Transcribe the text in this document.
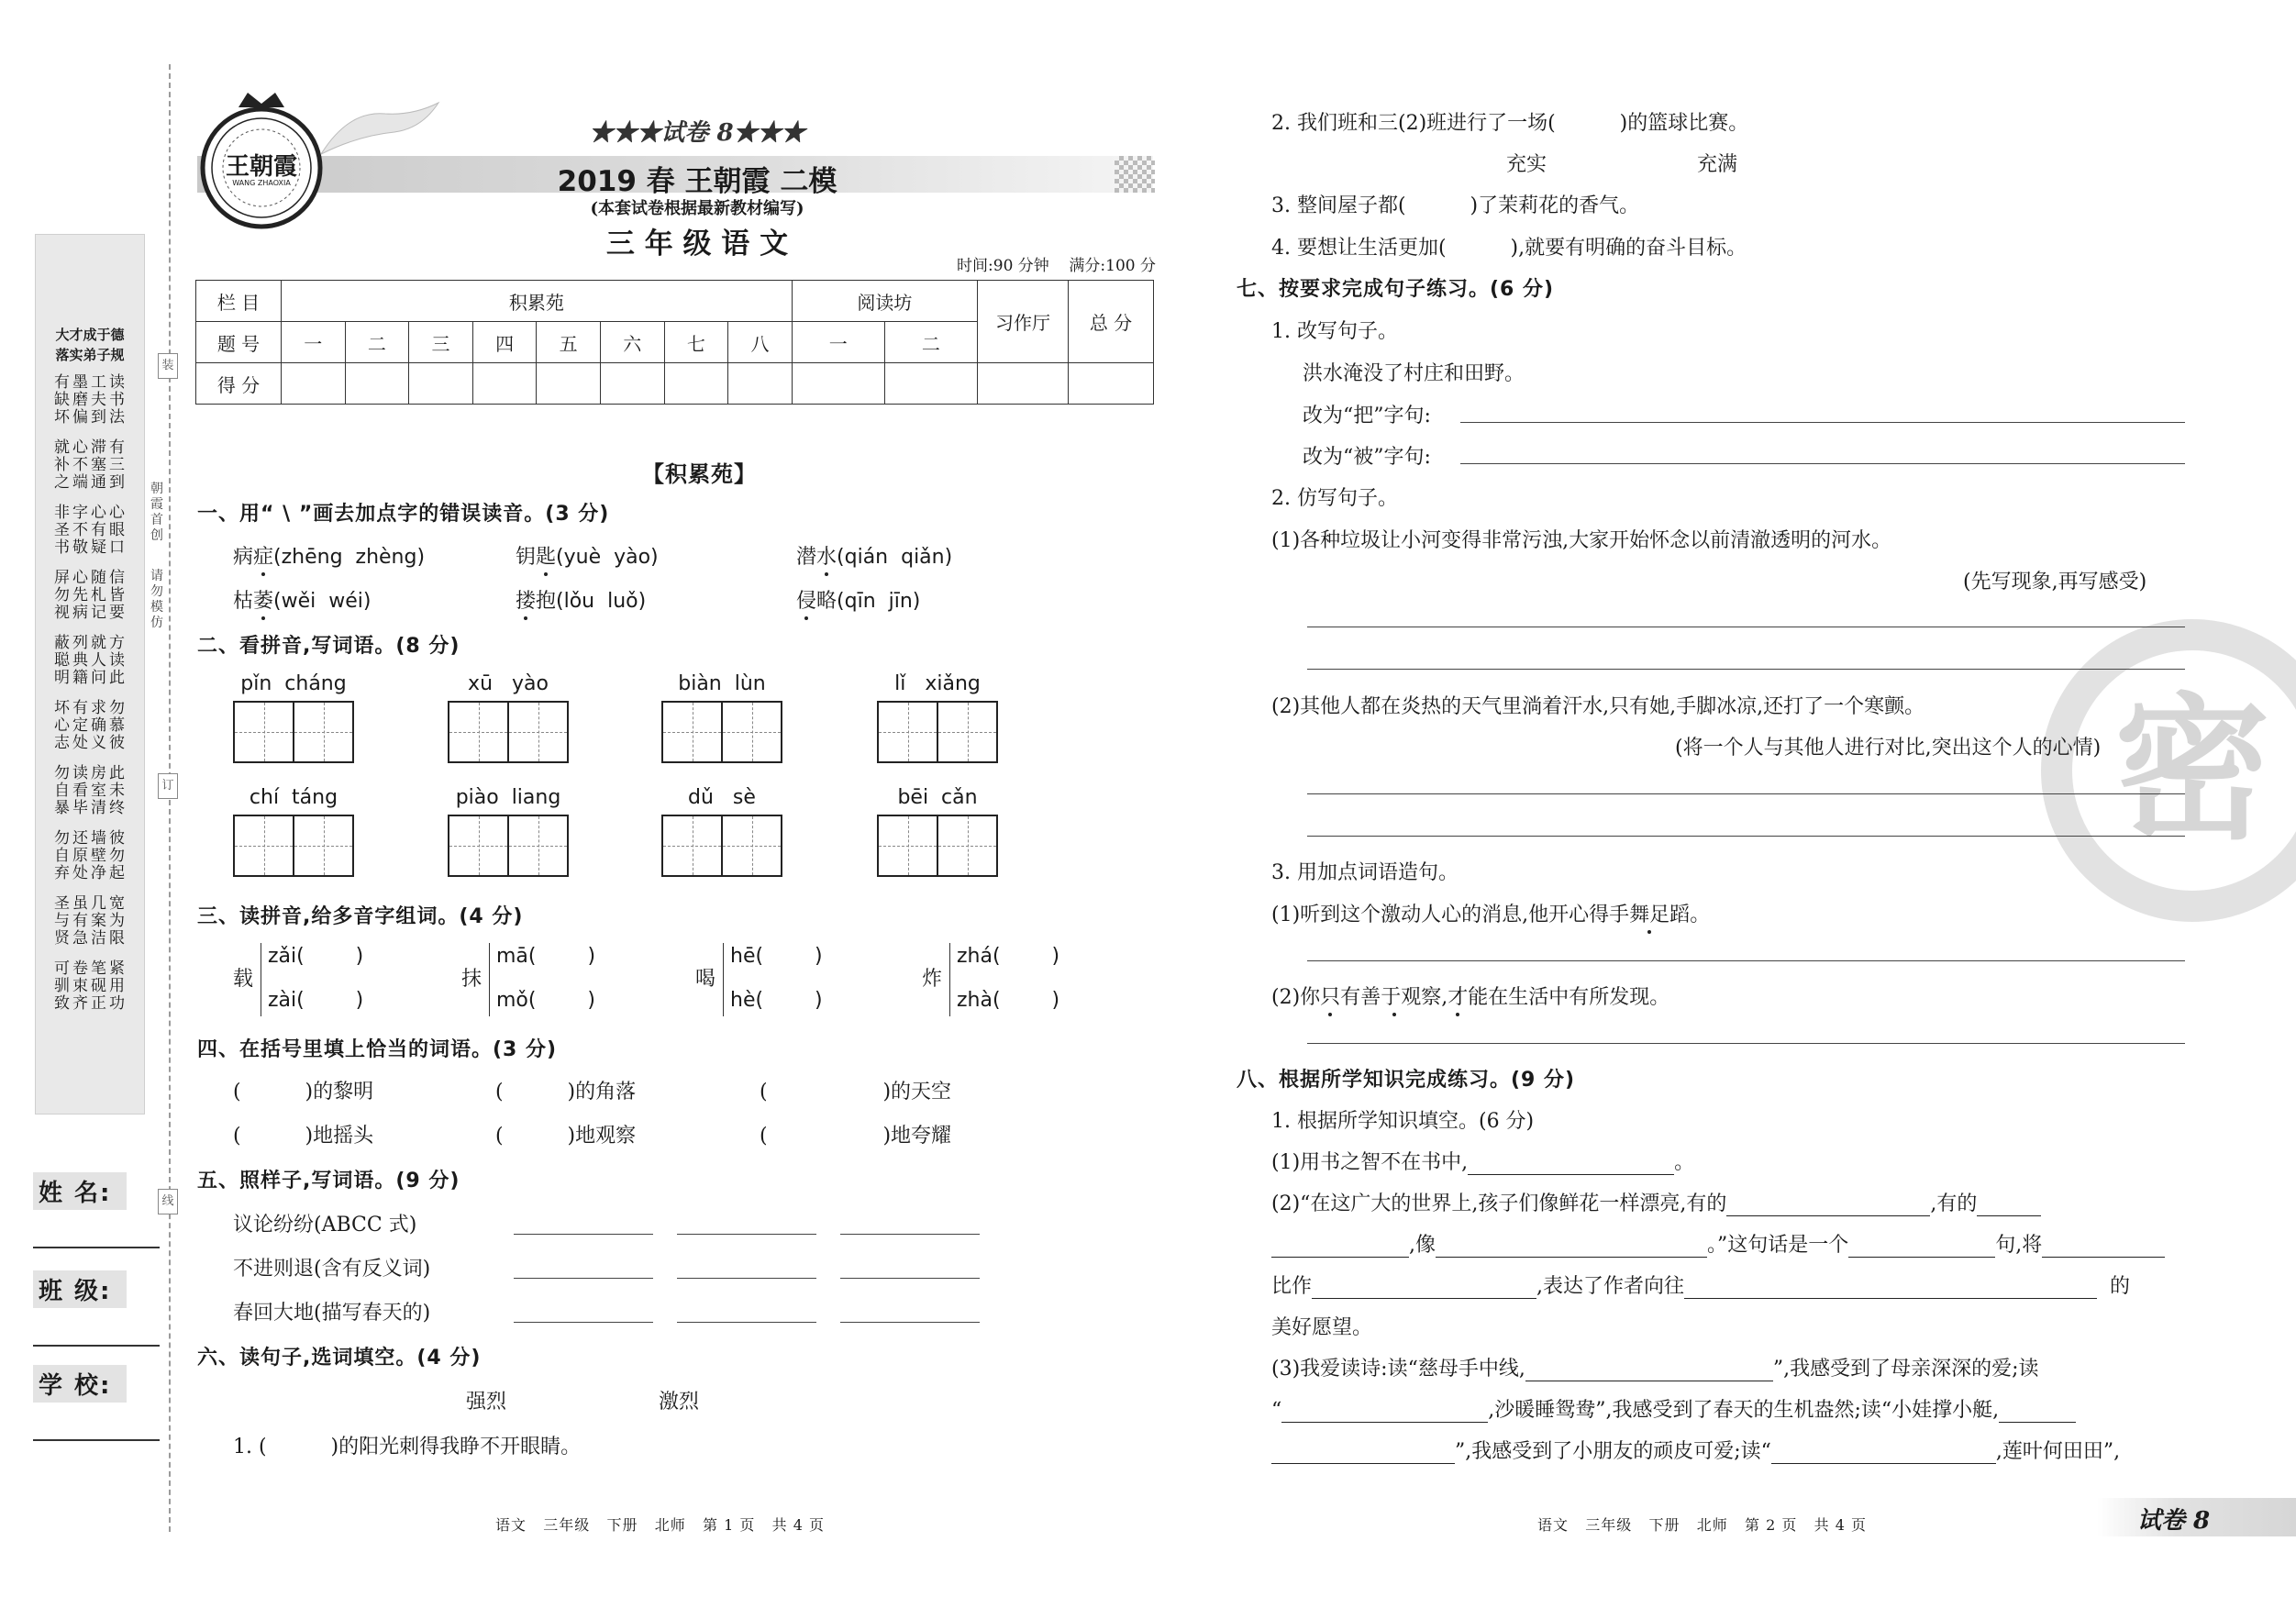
大才成于德
落实弟子规
有墨工读
缺磨夫书
坏偏到法
就心滞有
补不塞三
之端通到
非字心心
圣不有眼
书敬疑口
屏心随信
勿先札皆
视病记要
蔽列就方
聪典人读
明籍问此
坏有求勿
心定确慕
志处义彼
勿读房此
自看室未
暴毕清终
勿还墙彼
自原壁勿
弃处净起
圣虽几宽
与有案为
贤急洁限
可卷笔紧
驯束砚用
致齐正功
朝霞首创
请勿模仿
装
订
线
姓 名:
班 级:
学 校:
王朝霞
WANG ZHAOXIA
★★★试卷 8★★★
2019 春 王朝霞 二模
(本套试卷根据最新教材编写)
三 年 级 语 文
时间:90 分钟    满分:100 分
栏 目	积累苑								阅读坊		习作厅	总 分
题 号	一	二	三	四	五	六	七	八	一	二		
得 分												
【积累苑】
一、用“ \ ”画去加点字的错误读音。(3 分)
病症(zhēng  zhèng)	钥匙(yuè  yào)	潜水(qián  qiǎn)
枯萎(wěi  wéi)	搂抱(lǒu  luǒ)	侵略(qīn  jīn)
二、看拼音,写词语。(8 分)
pǐn  cháng	xū   yào	biàn  lùn	lǐ   xiǎng
chí  táng	piào  liang	dǔ   sè	bēi  cǎn
三、读拼音,给多音字组词。(4 分)
载
zǎi(        )
zài(        )
抹
mā(        )
mǒ(        )
喝
hē(        )
hè(        )
炸
zhá(        )
zhà(        )
四、在括号里填上恰当的词语。(3 分)
(          )的黎明	(          )的角落	(                  )的天空
(          )地摇头	(          )地观察	(                  )地夸耀
五、照样子,写词语。(9 分)
议论纷纷(ABCC 式)
不进则退(含有反义词)
春回大地(描写春天的)
六、读句子,选词填空。(4 分)
强烈	激烈
1. (          )的阳光刺得我睁不开眼睛。
语文   三年级   下册   北师   第 1 页   共 4 页
密
2. 我们班和三(2)班进行了一场(          )的篮球比赛。
充实	充满
3. 整间屋子都(          )了茉莉花的香气。
4. 要想让生活更加(          ),就要有明确的奋斗目标。
七、按要求完成句子练习。(6 分)
1. 改写句子。
洪水淹没了村庄和田野。
改为“把”字句:
改为“被”字句:
2. 仿写句子。
(1)各种垃圾让小河变得非常污浊,大家开始怀念以前清澈透明的河水。
(先写现象,再写感受)
(2)其他人都在炎热的天气里淌着汗水,只有她,手脚冰凉,还打了一个寒颤。
(将一个人与其他人进行对比,突出这个人的心情)
3. 用加点词语造句。
(1)听到这个激动人心的消息,他开心得手舞足蹈。
(2)你只有善于观察,才能在生活中有所发现。
八、根据所学知识完成练习。(9 分)
1. 根据所学知识填空。(6 分)
(1)用书之智不在书中,	。
(2)“在这广大的世界上,孩子们像鲜花一样漂亮,有的	,有的
,像	。”这句话是一个	句,将
比作	,表达了作者向往	的
美好愿望。
(3)我爱读诗:读“慈母手中线,	”,我感受到了母亲深深的爱;读
“	,沙暖睡鸳鸯”,我感受到了春天的生机盎然;读“小娃撑小艇,
”,我感受到了小朋友的顽皮可爱;读“	,莲叶何田田”,
语文   三年级   下册   北师   第 2 页   共 4 页	试卷 8
